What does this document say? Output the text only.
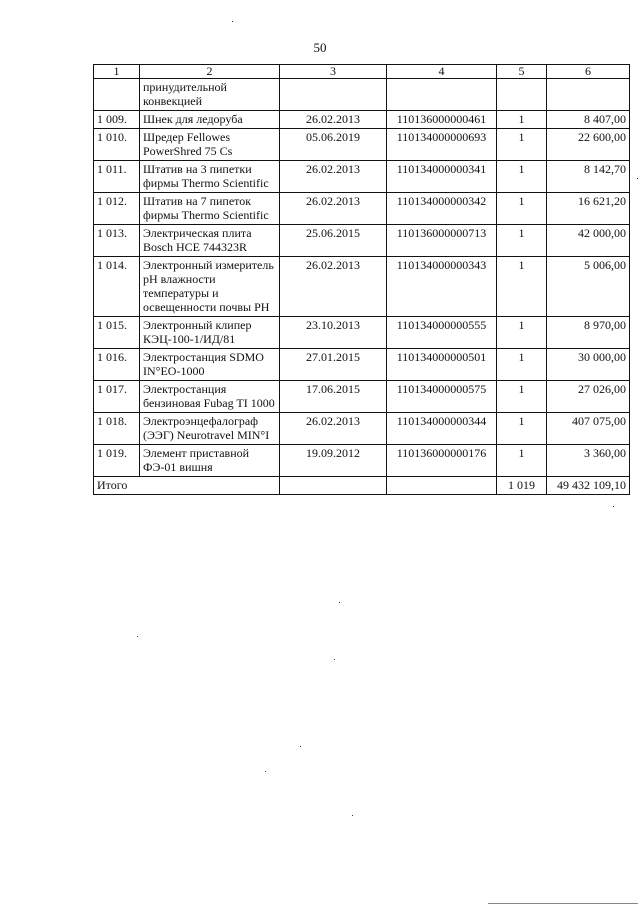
50
1	2	3	4	5	6
	принудительной конвекцией				
1 009.	Шнек для ледоруба	26.02.2013	110136000000461	1	8 407,00
1 010.	Шредер Fellowes PowerShred 75 Cs	05.06.2019	110134000000693	1	22 600,00
1 011.	Штатив на 3 пипетки фирмы Thermo Scientific	26.02.2013	110134000000341	1	8 142,70
1 012.	Штатив на 7 пипеток фирмы Thermo Scientific	26.02.2013	110134000000342	1	16 621,20
1 013.	Электрическая плита Bosch HCE 744323R	25.06.2015	110136000000713	1	42 000,00
1 014.	Электронный измеритель pH влажности температуры и освещенности почвы PH	26.02.2013	110134000000343	1	5 006,00
1 015.	Электронный клипер КЭЦ-100-1/ИД/81	23.10.2013	110134000000555	1	8 970,00
1 016.	Электростанция SDMO IN°EO-1000	27.01.2015	110134000000501	1	30 000,00
1 017.	Электростанция бензиновая Fubag TI 1000	17.06.2015	110134000000575	1	27 026,00
1 018.	Электроэнцефалограф (ЭЭГ) Neurotravel MIN°I	26.02.2013	110134000000344	1	407 075,00
1 019.	Элемент приставной ФЭ-01 вишня	19.09.2012	110136000000176	1	3 360,00
Итого				1 019	49 432 109,10
